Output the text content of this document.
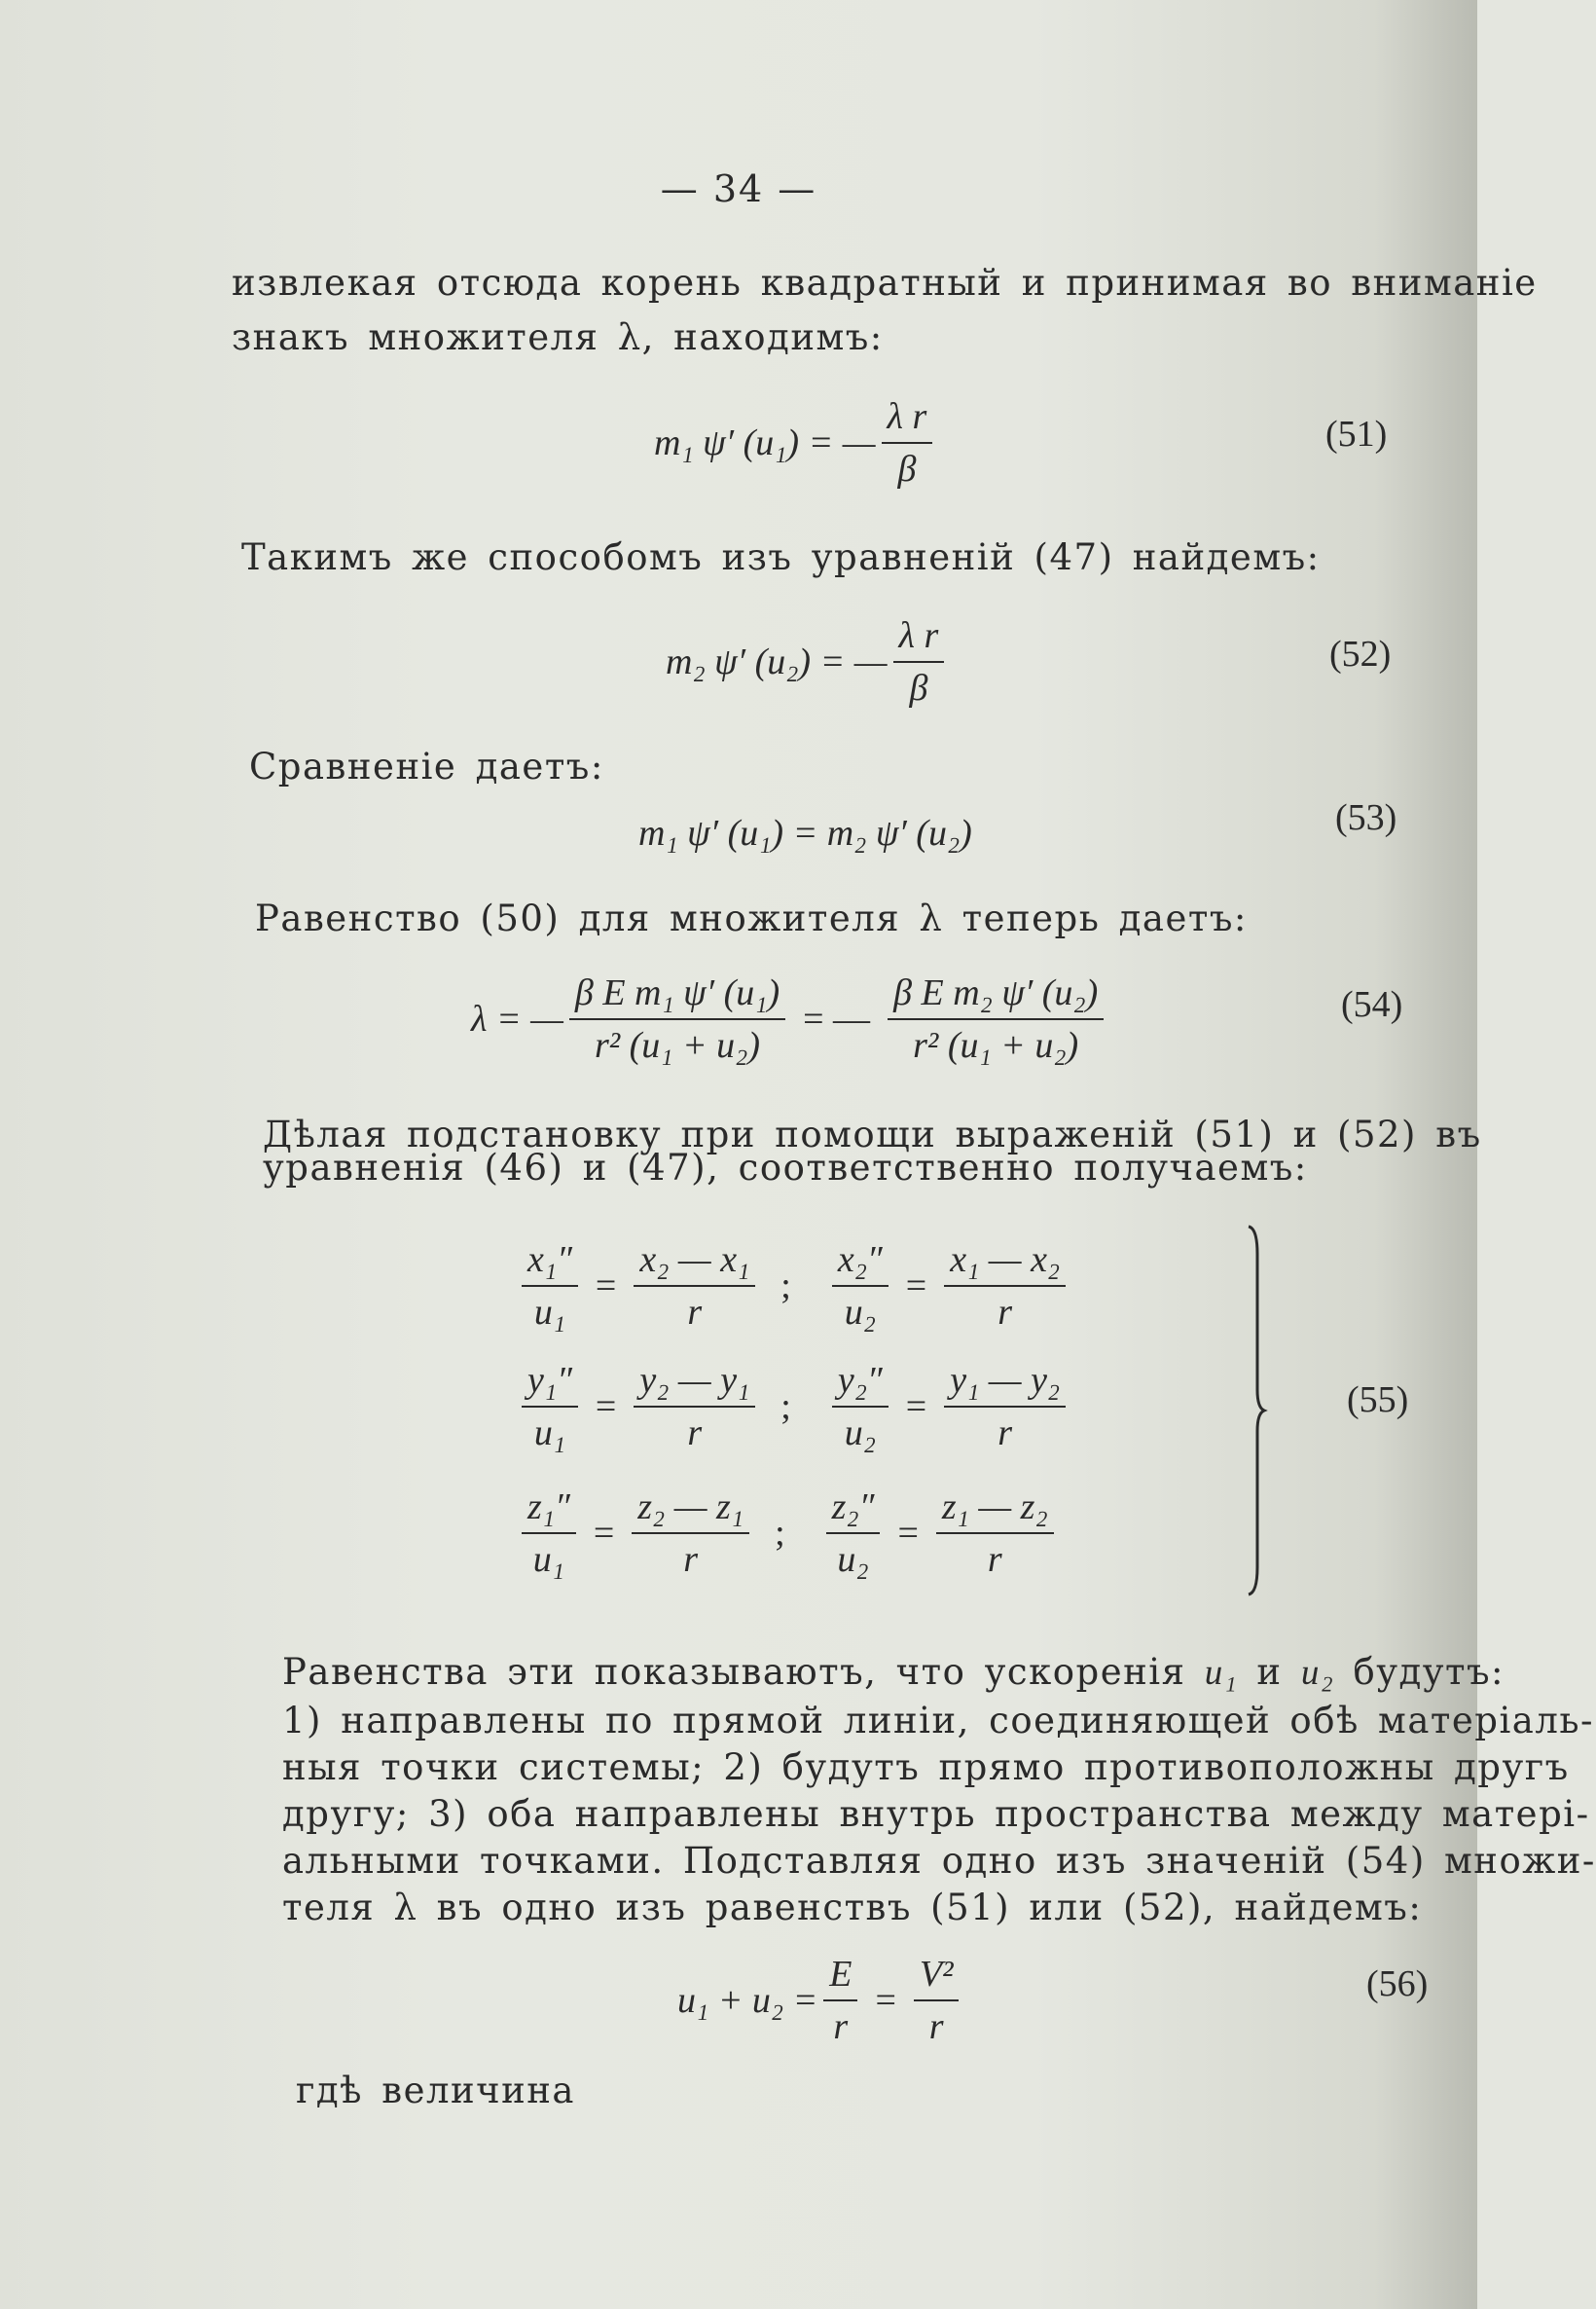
— 34 —
извлекая отсюда корень квадратный и принимая во вниманiе
знакъ множителя λ, находимъ:
m₁ ψ′ (u₁) = — $\frac{\text{λ r}}{\beta}$	(51)
Такимъ же способомъ изъ уравненiй (47) найдемъ:
m₂ ψ′ (u₂) = — $\frac{\text{λ r}}{\beta}$	(52)
Сравненiе даетъ:
m₁ ψ′ (u₁) = m₂ ψ′ (u₂)	(53)
Равенство (50) для множителя λ теперь даетъ:
λ = — $\frac{\text{β E m₁ ψ′ (u₁)}}{\text{r² (u₁ + u₂)}}$ = — $\frac{\text{β E m₂ ψ′ (u₂)}}{\text{r² (u₁ + u₂)}}$	(54)
Дѣлая подстановку при помощи выраженiй (51) и (52) въ
уравненiя (46) и (47), соответственно получаемъ:
$\frac{\text{x₁″}}{\text{u₁}} = \frac{\text{x₂ — x₁}}{r}$ ; $\frac{\text{x₂″}}{\text{u₂}} = \frac{\text{x₁ — x₂}}{r}$
$\frac{\text{y₁″}}{\text{u₁}} = \frac{\text{y₂ — y₁}}{r}$ ; $\frac{\text{y₂″}}{\text{u₂}} = \frac{\text{y₁ — y₂}}{r}$
$\frac{\text{z₁″}}{\text{u₁}} = \frac{\text{z₂ — z₁}}{r}$ ; $\frac{\text{z₂″}}{\text{u₂}} = \frac{\text{z₁ — z₂}}{r}$
(55)
Равенства эти показываютъ, что ускоренiя u₁ и u₂ будутъ:
1) направлены по прямой линiи, соединяющей обѣ матерiаль-
ныя точки системы; 2) будутъ прямо противоположны другъ
другу; 3) оба направлены внутрь пространства между матерi-
альными точками. Подставляя одно изъ значенiй (54) множи-
теля λ въ одно изъ равенствъ (51) или (52), найдемъ:
$u_1 + u_2 = \frac{E}{r} = \frac{\text{V²}}{r}$	(56)
гдѣ величина
